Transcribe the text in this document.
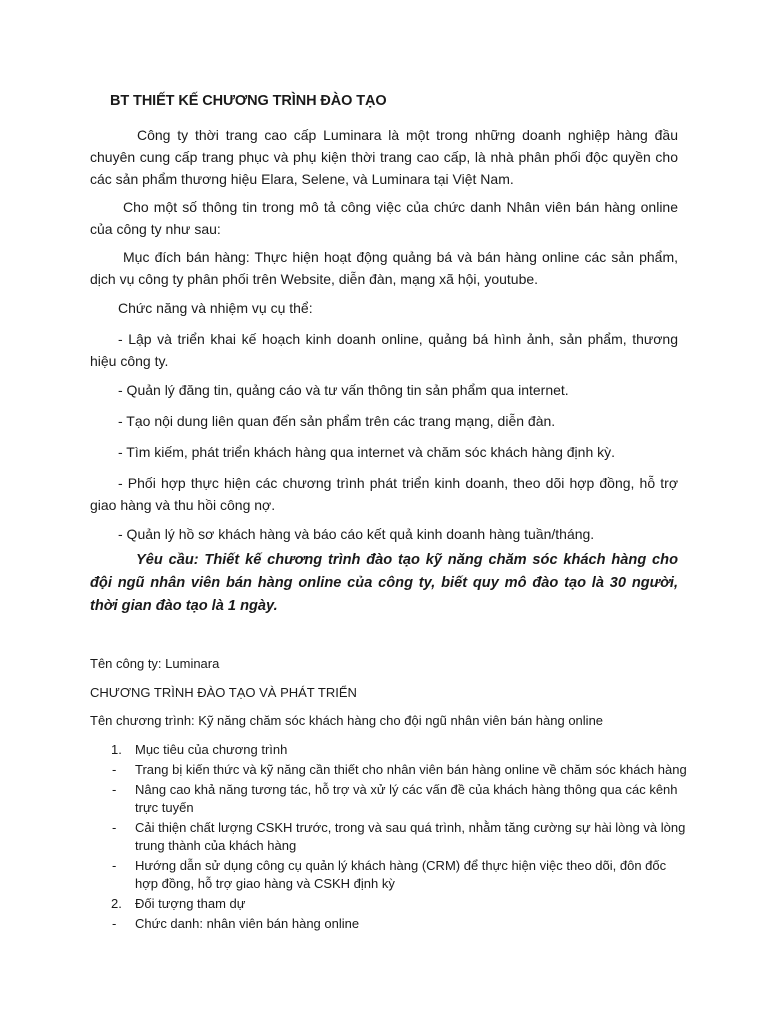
BT THIẾT KẾ CHƯƠNG TRÌNH ĐÀO TẠO
Công ty thời trang cao cấp Luminara là một trong những doanh nghiệp hàng đầu chuyên cung cấp trang phục và phụ kiện thời trang cao cấp, là nhà phân phối độc quyền cho các sản phẩm thương hiệu Elara, Selene, và Luminara tại Việt Nam.
Cho một số thông tin trong mô tả công việc của chức danh Nhân viên bán hàng online của công ty như sau:
Mục đích bán hàng: Thực hiện hoạt động quảng bá và bán hàng online các sản phẩm, dịch vụ công ty phân phối trên Website, diễn đàn, mạng xã hội, youtube.
Chức năng và nhiệm vụ cụ thể:
- Lập và triển khai kế hoạch kinh doanh online, quảng bá hình ảnh, sản phẩm, thương hiệu công ty.
- Quản lý đăng tin, quảng cáo và tư vấn thông tin sản phẩm qua internet.
- Tạo nội dung liên quan đến sản phẩm trên các trang mạng, diễn đàn.
- Tìm kiếm, phát triển khách hàng qua internet và chăm sóc khách hàng định kỳ.
- Phối hợp thực hiện các chương trình phát triển kinh doanh, theo dõi hợp đồng, hỗ trợ giao hàng và thu hồi công nợ.
- Quản lý hồ sơ khách hàng và báo cáo kết quả kinh doanh hàng tuần/tháng.
Yêu cầu: Thiết kế chương trình đào tạo kỹ năng chăm sóc khách hàng cho đội ngũ nhân viên bán hàng online của công ty, biết quy mô đào tạo là 30 người, thời gian đào tạo là 1 ngày.
Tên công ty: Luminara
CHƯƠNG TRÌNH ĐÀO TẠO VÀ PHÁT TRIỂN
Tên chương trình: Kỹ năng chăm sóc khách hàng cho đội ngũ nhân viên bán hàng online
1.	Mục tiêu của chương trình
-	Trang bị kiến thức và kỹ năng cần thiết cho nhân viên bán hàng online về chăm sóc khách hàng
-	Nâng cao khả năng tương tác, hỗ trợ và xử lý các vấn đề của khách hàng thông qua các kênh trực tuyến
-	Cải thiện chất lượng CSKH trước, trong và sau quá trình, nhằm tăng cường sự hài lòng và lòng trung thành của khách hàng
-	Hướng dẫn sử dụng công cụ quản lý khách hàng (CRM) để thực hiện việc theo dõi, đôn đốc hợp đồng, hỗ trợ giao hàng và CSKH định kỳ
2.	Đối tượng tham dự
-	Chức danh: nhân viên bán hàng online
